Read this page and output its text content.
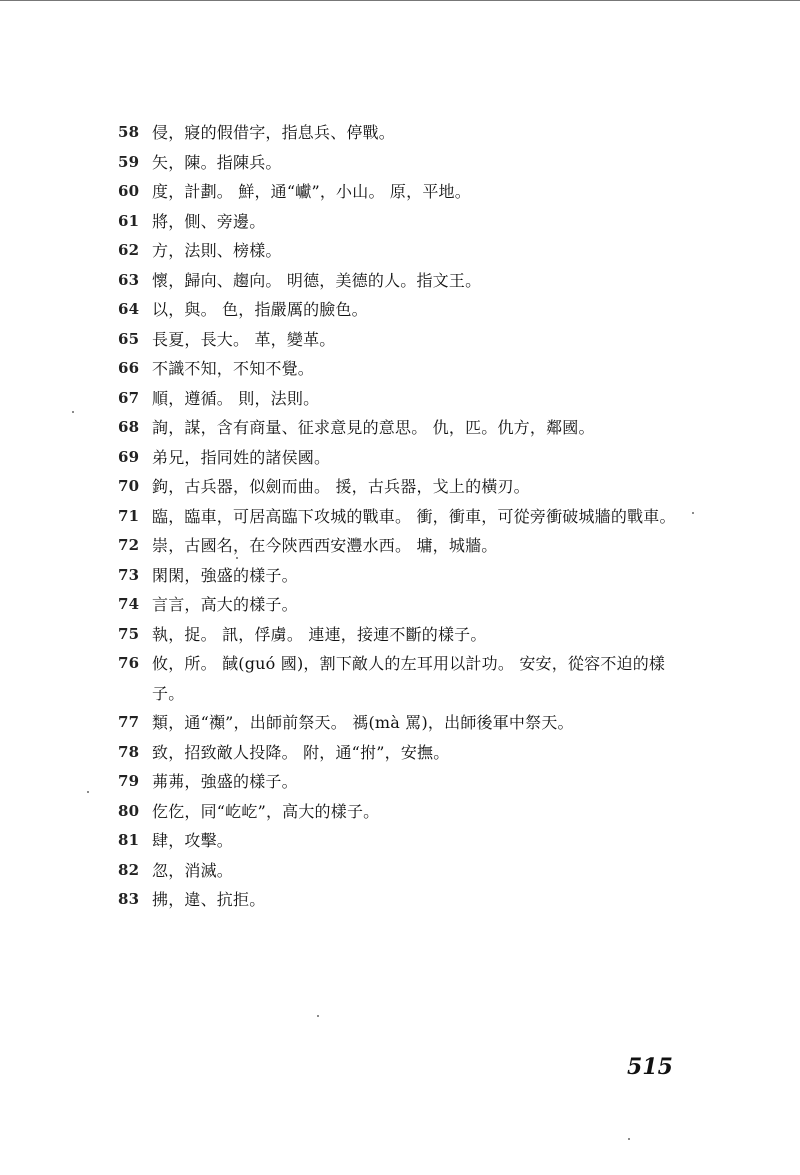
58 侵，寢的假借字，指息兵、停戰。
59 矢，陳。指陳兵。
60 度，計劃。 鮮，通“巘”，小山。 原，平地。
61 將，側、旁邊。
62 方，法則、榜樣。
63 懷，歸向、趨向。 明德，美德的人。指文王。
64 以，與。 色，指嚴厲的臉色。
65 長夏，長大。 革，變革。
66 不識不知，不知不覺。
67 順，遵循。 則，法則。
68 詢，謀，含有商量、征求意見的意思。 仇，匹。仇方，鄰國。
69 弟兄，指同姓的諸侯國。
70 鉤，古兵器，似劍而曲。 援，古兵器，戈上的橫刃。
71 臨，臨車，可居高臨下攻城的戰車。 衝，衝車，可從旁衝破城牆的戰車。
72 崇，古國名，在今陝西西安灃水西。 墉，城牆。
73 閑閑，強盛的樣子。
74 言言，高大的樣子。
75 執，捉。 訊，俘虜。 連連，接連不斷的樣子。
76 攸，所。 馘(guó 國)，割下敵人的左耳用以計功。 安安，從容不迫的樣子。
77 類，通“禷”，出師前祭天。 禡(mà 罵)，出師後軍中祭天。
78 致，招致敵人投降。 附，通“拊”，安撫。
79 茀茀，強盛的樣子。
80 仡仡，同“屹屹”，高大的樣子。
81 肆，攻擊。
82 忽，消滅。
83 拂，違、抗拒。
515
